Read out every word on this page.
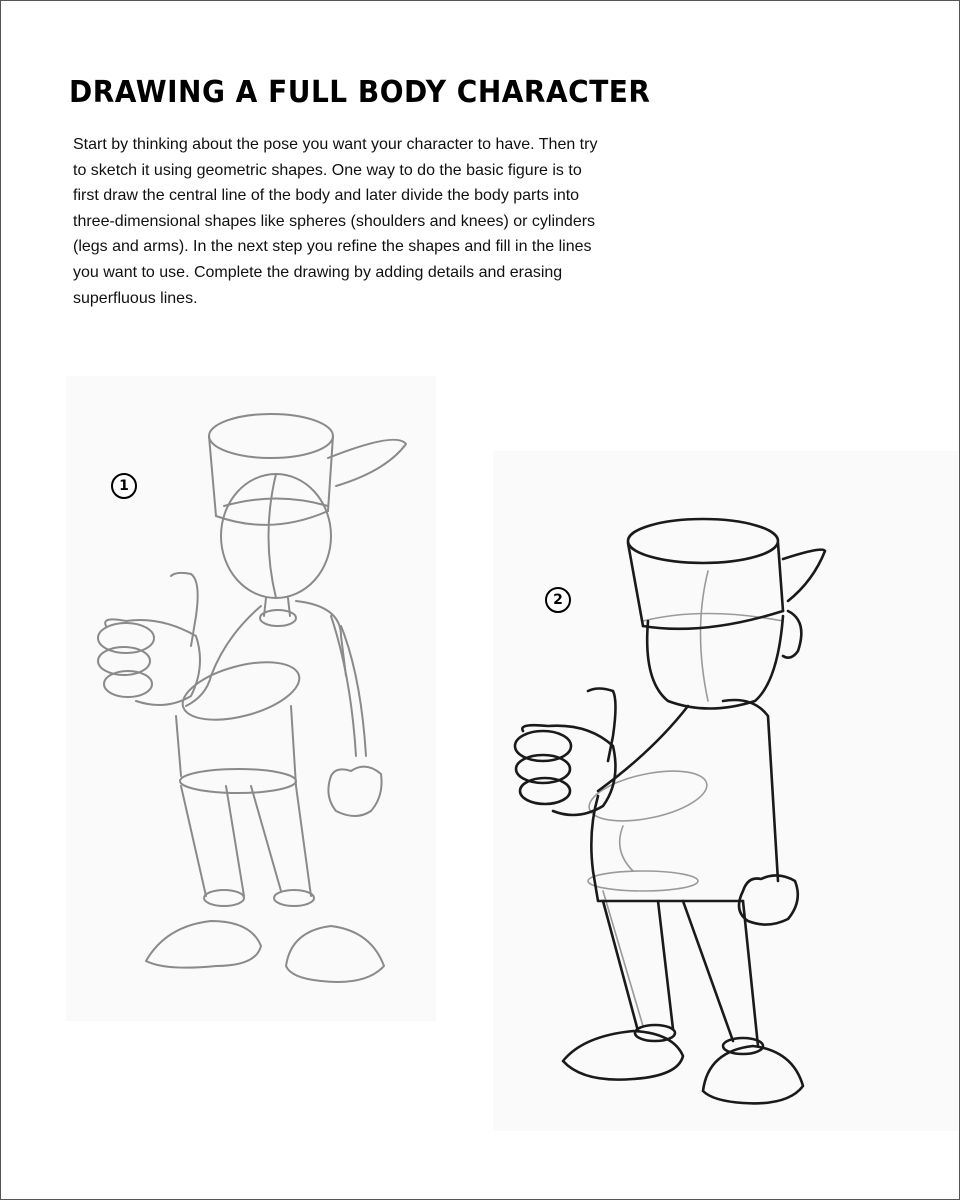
DRAWING A FULL BODY CHARACTER

Start by thinking about the pose you want your character to have. Then try to sketch it using geometric shapes. One way to do the basic figure is to first draw the central line of the body and later divide the body parts into three-dimensional shapes like spheres (shoulders and knees) or cylinders (legs and arms). In the next step you refine the shapes and fill in the lines you want to use. Complete the drawing by adding details and erasing superfluous lines.

1
2
